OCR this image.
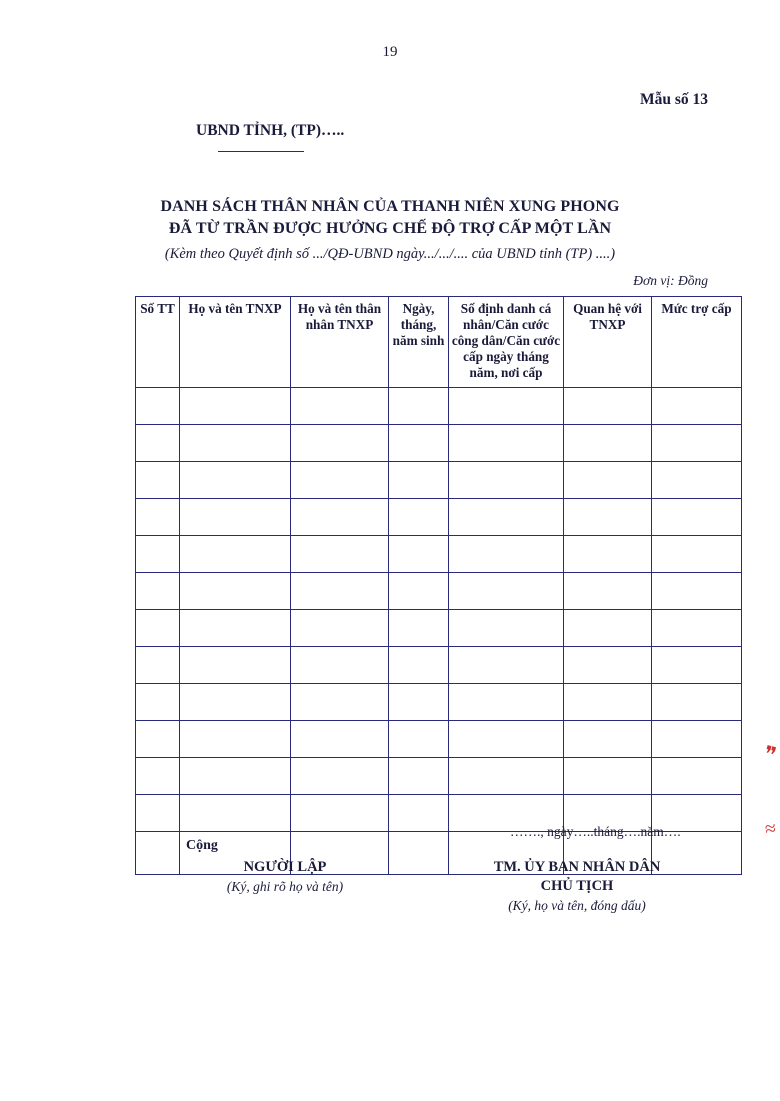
19
Mẫu số 13
UBND TỈNH, (TP)…..
DANH SÁCH THÂN NHÂN CỦA THANH NIÊN XUNG PHONG
ĐÃ TỪ TRẦN ĐƯỢC HƯỞNG CHẾ ĐỘ TRỢ CẤP MỘT LẦN
(Kèm theo Quyết định số .../QĐ-UBND ngày.../.../.... của UBND tỉnh (TP) ....)
Đơn vị: Đồng
Số TT	Họ và tên TNXP	Họ và tên thân nhân TNXP	Ngày, tháng, năm sinh	Số định danh cá nhân/Căn cước công dân/Căn cước cấp ngày tháng năm, nơi cấp	Quan hệ với TNXP	Mức trợ cấp

	Cộng					
……., ngày…..tháng….năm….
NGƯỜI LẬP
(Ký, ghi rõ họ và tên)
TM. ỦY BAN NHÂN DÂN
CHỦ TỊCH
(Ký, họ và tên, đóng dấu)
❞
≈
